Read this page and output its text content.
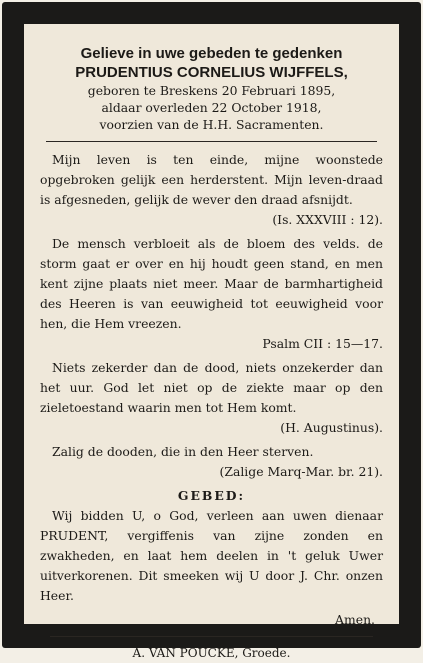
Gelieve in uwe gebeden te gedenken
PRUDENTIUS CORNELIUS WIJFFELS,
geboren te Breskens 20 Februari 1895,
aldaar overleden 22 October 1918,
voorzien van de H.H. Sacramenten.
Mijn leven is ten einde, mijne woonstede opgebroken gelijk een herderstent. Mijn leven-draad is afgesneden, gelijk de wever den draad afsnijdt.
(Is. XXXVIII : 12).
De mensch verbloeit als de bloem des velds. de storm gaat er over en hij houdt geen stand, en men kent zijne plaats niet meer. Maar de barmhartigheid des Heeren is van eeuwigheid tot eeuwigheid voor hen, die Hem vreezen.
Psalm CII : 15—17.
Niets zekerder dan de dood, niets onzekerder dan het uur. God let niet op de ziekte maar op den zieletoestand waarin men tot Hem komt.
(H. Augustinus).
Zalig de dooden, die in den Heer sterven.
(Zalige Marq-Mar. br. 21).
GEBED:
Wij bidden U, o God, verleen aan uwen dienaar PRUDENT, vergiffenis van zijne zonden en zwakheden, en laat hem deelen in 't geluk Uwer uitverkorenen. Dit smeeken wij U door J. Chr. onzen Heer.
Amen.
A. VAN POUCKE, Groede.
